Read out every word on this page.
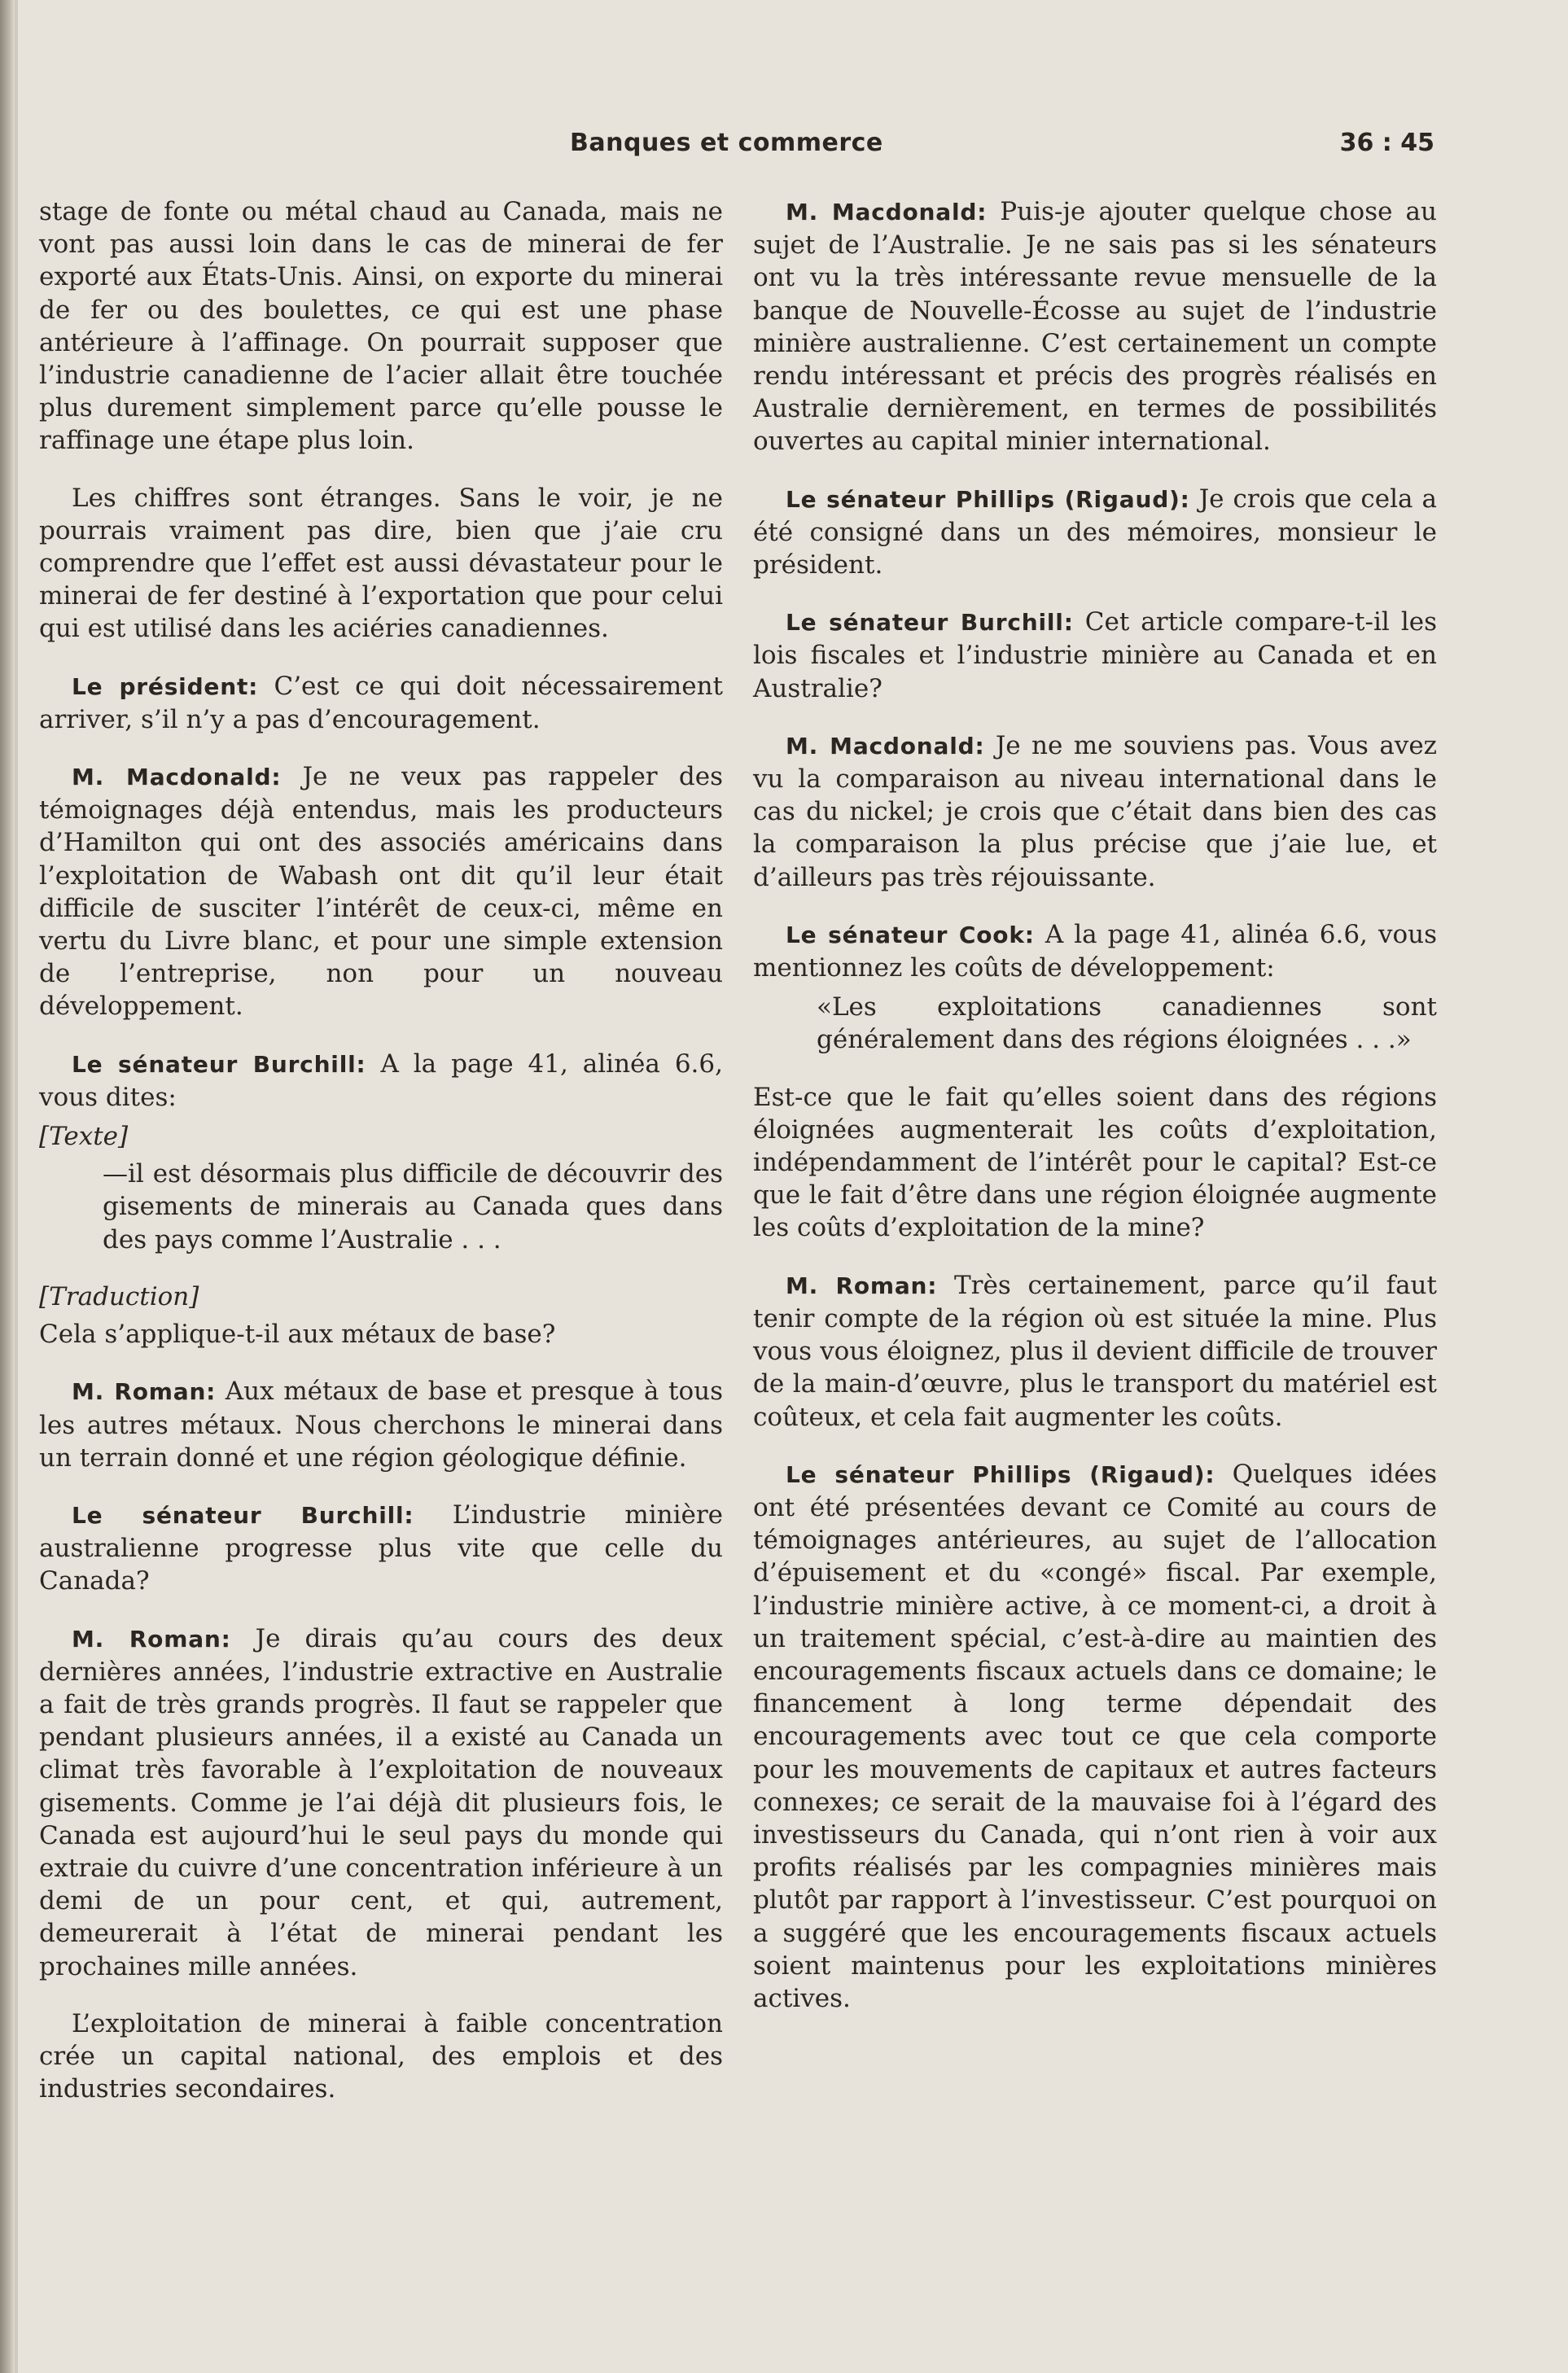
Banques et commerce	36 : 45

stage de fonte ou métal chaud au Canada, mais ne vont pas aussi loin dans le cas de minerai de fer exporté aux États-Unis. Ainsi, on exporte du minerai de fer ou des boulettes, ce qui est une phase antérieure à l’affinage. On pourrait supposer que l’industrie canadienne de l’acier allait être touchée plus durement simplement parce qu’elle pousse le raffinage une étape plus loin.

Les chiffres sont étranges. Sans le voir, je ne pourrais vraiment pas dire, bien que j’aie cru comprendre que l’effet est aussi dévastateur pour le minerai de fer destiné à l’exportation que pour celui qui est utilisé dans les aciéries canadiennes.

Le président: C’est ce qui doit nécessairement arriver, s’il n’y a pas d’encouragement.

M. Macdonald: Je ne veux pas rappeler des témoignages déjà entendus, mais les producteurs d’Hamilton qui ont des associés américains dans l’exploitation de Wabash ont dit qu’il leur était difficile de susciter l’intérêt de ceux-ci, même en vertu du Livre blanc, et pour une simple extension de l’entreprise, non pour un nouveau développement.

Le sénateur Burchill: A la page 41, alinéa 6.6, vous dites:

[Texte]

—il est désormais plus difficile de découvrir des gisements de minerais au Canada ques dans des pays comme l’Australie . . .

[Traduction]

Cela s’applique-t-il aux métaux de base?

M. Roman: Aux métaux de base et presque à tous les autres métaux. Nous cherchons le minerai dans un terrain donné et une région géologique définie.

Le sénateur Burchill: L’industrie minière australienne progresse plus vite que celle du Canada?

M. Roman: Je dirais qu’au cours des deux dernières années, l’industrie extractive en Australie a fait de très grands progrès. Il faut se rappeler que pendant plusieurs années, il a existé au Canada un climat très favorable à l’exploitation de nouveaux gisements. Comme je l’ai déjà dit plusieurs fois, le Canada est aujourd’hui le seul pays du monde qui extraie du cuivre d’une concentration inférieure à un demi de un pour cent, et qui, autrement, demeurerait à l’état de minerai pendant les prochaines mille années.

L’exploitation de minerai à faible concentration crée un capital national, des emplois et des industries secondaires.

M. Macdonald: Puis-je ajouter quelque chose au sujet de l’Australie. Je ne sais pas si les sénateurs ont vu la très intéressante revue mensuelle de la banque de Nouvelle-Écosse au sujet de l’industrie minière australienne. C’est certainement un compte rendu intéressant et précis des progrès réalisés en Australie dernièrement, en termes de possibilités ouvertes au capital minier international.

Le sénateur Phillips (Rigaud): Je crois que cela a été consigné dans un des mémoires, monsieur le président.

Le sénateur Burchill: Cet article compare-t-il les lois fiscales et l’industrie minière au Canada et en Australie?

M. Macdonald: Je ne me souviens pas. Vous avez vu la comparaison au niveau international dans le cas du nickel; je crois que c’était dans bien des cas la comparaison la plus précise que j’aie lue, et d’ailleurs pas très réjouissante.

Le sénateur Cook: A la page 41, alinéa 6.6, vous mentionnez les coûts de développement:

«Les exploitations canadiennes sont généralement dans des régions éloignées . . .»

Est-ce que le fait qu’elles soient dans des régions éloignées augmenterait les coûts d’exploitation, indépendamment de l’intérêt pour le capital? Est-ce que le fait d’être dans une région éloignée augmente les coûts d’exploitation de la mine?

M. Roman: Très certainement, parce qu’il faut tenir compte de la région où est située la mine. Plus vous vous éloignez, plus il devient difficile de trouver de la main-d’œuvre, plus le transport du matériel est coûteux, et cela fait augmenter les coûts.

Le sénateur Phillips (Rigaud): Quelques idées ont été présentées devant ce Comité au cours de témoignages antérieures, au sujet de l’allocation d’épuisement et du «congé» fiscal. Par exemple, l’industrie minière active, à ce moment-ci, a droit à un traitement spécial, c’est-à-dire au maintien des encouragements fiscaux actuels dans ce domaine; le financement à long terme dépendait des encouragements avec tout ce que cela comporte pour les mouvements de capitaux et autres facteurs connexes; ce serait de la mauvaise foi à l’égard des investisseurs du Canada, qui n’ont rien à voir aux profits réalisés par les compagnies minières mais plutôt par rapport à l’investisseur. C’est pourquoi on a suggéré que les encouragements fiscaux actuels soient maintenus pour les exploitations minières actives.
